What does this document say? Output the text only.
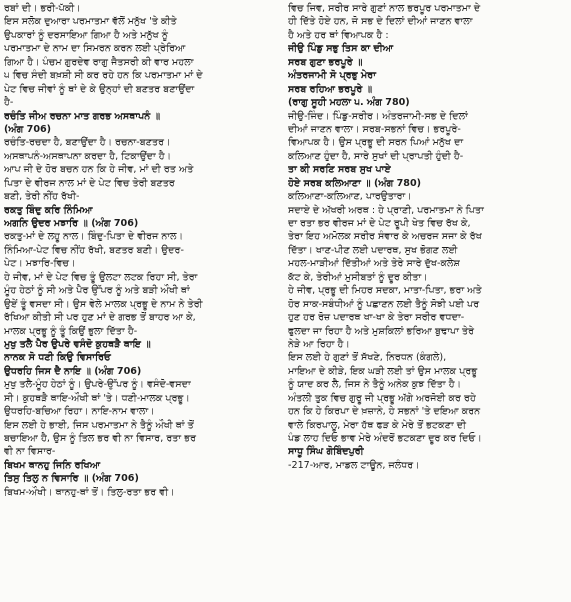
ਰਬਾਂ ਦੀ। ਭਰੀ-ਪੱਕੀ।
ਇਸ ਸਲੋਕ ਦੁਆਰਾ ਪਰਮਾਤਮਾ ਵੱਲੋਂ ਮਨੁੱਖ 'ਤੇ ਕੀਤੇ
ਉਪਕਾਰਾਂ ਨੂੰ ਦਰਸਾਇਆ ਗਿਆ ਹੈ ਅਤੇ ਮਨੁੱਖ ਨੂੰ
ਪਰਮਾਤਮਾ ਦੇ ਨਾਮ ਦਾ ਸਿਮਰਨ ਕਰਨ ਲਈ ਪ੍ਰੇਰਿਆ
ਗਿਆ ਹੈ। ਪੰਚਮ ਗੁਰਦੇਵ ਰਾਗੁ ਜੈਤਸਰੀ ਕੀ ਵਾਰ ਮਹਲਾ
੫ ਵਿਚ ਸੰਦੀ ਬਖ਼ਸ਼ੀ ਸੀ ਕਰ ਰਹੇ ਹਨ ਕਿ ਪਰਮਾਤਮਾ ਮਾਂ ਦੇ
ਪੇਟ ਵਿਚ ਜੀਵਾਂ ਨੂੰ ਥਾਂ ਦੇ ਕੇ ਉਨ੍ਹਾਂ ਦੀ ਬਣਤਰ ਬਣਾਉਂਦਾ
ਹੈ-
ਰਚੰਤਿ ਜੀਅ ਰਚਨਾ ਮਾਤ ਗਰਭ ਅਸਥਾਪਨੰ ॥
(ਅੰਗ 706)
ਰਚੰਤਿ-ਰਚਦਾ ਹੈ, ਬਣਾਉਂਦਾ ਹੈ। ਰਚਨਾ-ਬਣਤਰ।
ਅਸਥਾਪਨੰ-ਅਸਥਾਪਨਾ ਕਰਦਾ ਹੈ, ਟਿਕਾਉਂਦਾ ਹੈ।
ਆਪ ਜੀ ਦੇ ਹੋਰ ਬਚਨ ਹਨ ਕਿ ਹੇ ਜੀਵ, ਮਾਂ ਦੀ ਰਤ ਅਤੇ
ਪਿਤਾ ਦੇ ਵੀਰਜ ਨਾਲ ਮਾਂ ਦੇ ਪੇਟ ਵਿਚ ਤੇਰੀ ਬਣਤਰ
ਬਣੀ, ਤੇਰੀ ਨੀਂਹ ਰੱਖੀ-
ਰਕਤੁ ਬਿੰਦੁ ਕਰਿ ਨਿੰਮਿਆ
ਅਗਨਿ ਉਦਰ ਮਝਾਰਿ ॥ (ਅੰਗ 706)
ਰਕਤੁ-ਮਾਂ ਦੇ ਲਹੂ ਨਾਲ। ਬਿੰਦੁ-ਪਿਤਾ ਦੇ ਵੀਰਜ ਨਾਲ।
ਨਿੰਮਿਆ-ਪੇਟ ਵਿਚ ਨੀਂਹ ਰੱਖੀ, ਬਣਤਰ ਬਣੀ। ਉਦਰ-
ਪੇਟ। ਮਝਾਰਿ-ਵਿਚ।
ਹੇ ਜੀਵ, ਮਾਂ ਦੇ ਪੇਟ ਵਿਚ ਤੂੰ ਉਲਟਾ ਲਟਕ ਰਿਹਾ ਸੀ, ਤੇਰਾ
ਮੂੰਹ ਹੇਠਾਂ ਨੂੰ ਸੀ ਅਤੇ ਪੈਰ ਉੱਪਰ ਨੂੰ ਅਤੇ ਬੜੀ ਔਖੀ ਥਾਂ
ਉਏਂ ਤੂੰ ਵਸਦਾ ਸੀ। ਉਸ ਵੇਲੇ ਮਾਲਕ ਪ੍ਰਭੂ ਦੇ ਨਾਮ ਨੇ ਤੇਰੀ
ਰੱਖਿਆ ਕੀਤੀ ਸੀ ਪਰ ਹੁਣ ਮਾਂ ਦੇ ਗਰਭ ਤੋਂ ਬਾਹਰ ਆ ਕੇ,
ਮਾਲਕ ਪ੍ਰਭੂ ਨੂੰ ਤੂੰ ਕਿਉਂ ਭੁਲਾ ਦਿੱਤਾ ਹੈ-
ਮੁਖੁ ਤਲੈ ਪੈਰ ਉਪਰੇ ਵਸੰਦੋ ਕੁਹਥੜੈ ਥਾਇ ॥
ਨਾਨਕ ਸੋ ਧਣੀ ਕਿਉ ਵਿਸਾਰਿਓ
ਉਧਰਹਿ ਜਿਸ ਦੈ ਨਾਇ ॥ (ਅੰਗ 706)
ਮੁਖੁ ਤਲੈ-ਮੂੰਹ ਹੇਠਾਂ ਨੂੰ। ਉਪਰੇ-ਉੱਪਰ ਨੂੰ। ਵਸੰਦੋ-ਵਸਦਾ
ਸੀ। ਕੁਹਥੜੈ ਥਾਇ-ਔਖੀ ਥਾਂ 'ਤੇ। ਧਣੀ-ਮਾਲਕ ਪ੍ਰਭੂ।
ਉਧਰਹਿ-ਬਚਿਆ ਰਿਹਾ। ਨਾਇ-ਨਾਮ ਵਾਲਾ।
ਇਸ ਲਈ ਹੇ ਭਾਈ, ਜਿਸ ਪਰਮਾਤਮਾ ਨੇ ਤੈਨੂੰ ਔਖੀ ਥਾਂ ਤੋਂ
ਬਚਾਇਆ ਹੈ, ਉਸ ਨੂੰ ਤਿਲ ਭਰ ਵੀ ਨਾ ਵਿਸਾਰ, ਰਤਾ ਭਰ
ਵੀ ਨਾ ਵਿਸਾਰ-
ਬਿਖਮ ਥਾਨਹੁ ਜਿਨਿ ਰਖਿਆ
ਤਿਸੁ ਤਿਲੁ ਨ ਵਿਸਾਰਿ ॥ (ਅੰਗ 706)
ਬਿਖਮ-ਔਖੀ। ਥਾਨਹੁ-ਥਾਂ ਤੋਂ। ਤਿਲੁ-ਰਤਾ ਭਰ ਵੀ।
ਵਿਚ ਜਿਵ, ਸਰੀਰ ਸਾਰੇ ਗੁਣਾਂ ਨਾਲ ਭਰਪੂਰ ਪਰਮਾਤਮਾ ਦੇ
ਹੀ ਦਿੱਤੇ ਹੋਏ ਹਨ, ਜੋ ਸਭ ਦੇ ਦਿਲਾਂ ਦੀਆਂ ਜਾਣਨ ਵਾਲਾ
ਹੈ ਅਤੇ ਹਰ ਥਾਂ ਵਿਆਪਕ ਹੈ :
ਜੀਉ ਪਿੰਡੁ ਸਭੁ ਤਿਸ ਕਾ ਦੀਆ
ਸਰਬ ਗੁਣਾ ਭਰਪੂਰੇ ॥
ਅੰਤਰਜਾਮੀ ਸੋ ਪ੍ਰਭੁ ਮੇਰਾ
ਸਰਬ ਰਹਿਆ ਭਰਪੂਰੇ ॥
(ਰਾਗੁ ਸੂਹੀ ਮਹਲਾ ੫. ਅੰਗ 780)
ਜੀਉ-ਜਿੰਦ। ਪਿੰਡੁ-ਸਰੀਰ। ਅੰਤਰਜਾਮੀ-ਸਭ ਦੇ ਦਿਲਾਂ
ਦੀਆਂ ਜਾਣਨ ਵਾਲਾ। ਸਰਬ-ਸਭਨਾਂ ਵਿਚ। ਭਰਪੂਰੇ-
ਵਿਆਪਕ ਹੈ। ਉਸ ਪ੍ਰਭੂ ਦੀ ਸਰਨ ਪਿਆਂ ਮਨੁੱਖ ਦਾ
ਕਲਿਆਣ ਹੁੰਦਾ ਹੈ, ਸਾਰੇ ਸੁਖਾਂ ਦੀ ਪ੍ਰਾਪਤੀ ਹੁੰਦੀ ਹੈ-
ਤਾ ਕੀ ਸਰਣਿ ਸਰਬ ਸੁਖ ਪਾਏ
ਹੋਏ ਸਰਬ ਕਲਿਆਣਾ ॥ (ਅੰਗ 780)
ਕਲਿਆਣਾ-ਕਲਿਆਣ, ਪਾਰਉਤਾਰਾ।
ਸਦਾਏ ਦੇ ਅੱਖਰੀ ਅਰਥ : ਹੇ ਪ੍ਰਾਣੀ, ਪਰਮਾਤਮਾ ਨੇ ਪਿਤਾ
ਦਾ ਰਤਾ ਭਰ ਵੀਰਜ ਮਾਂ ਦੇ ਪੇਟ ਰੂਪੀ ਖੇਤ ਵਿਚ ਰੱਖ ਕੇ,
ਤੇਰਾ ਇਹ ਅਮੋਲਕ ਸਰੀਰ ਸੰਵਾਰ ਕੇ ਅਚਰਜ ਸਜਾ ਕੇ ਰੱਖ
ਦਿੱਤਾ। ਖਾਣ-ਪੀਣ ਲਈ ਪਦਾਰਥ, ਸੁਖ ਭੋਗਣ ਲਈ
ਮਹਲ-ਮਾੜੀਆਂ ਦਿੱਤੀਆਂ ਅਤੇ ਤੇਰੇ ਸਾਰੇ ਦੁੱਖ-ਕਲੇਸ਼
ਕੱਟ ਕੇ, ਤੇਰੀਆਂ ਮੁਸੀਬਤਾਂ ਨੂੰ ਦੂਰ ਕੀਤਾ।
ਹੇ ਜੀਵ, ਪ੍ਰਭੂ ਦੀ ਮਿਹਰ ਸਦਕਾ, ਮਾਤਾ-ਪਿਤਾ, ਭਰਾ ਅਤੇ
ਹੋਰ ਸਾਕ-ਸਬੰਧੀਆਂ ਨੂੰ ਪਛਾਣਨ ਲਈ ਤੈਨੂੰ ਸੋਝੀ ਪਈ ਪਰ
ਹੁਣ ਹਰ ਰੋਜ਼ ਪਦਾਰਥ ਖਾ-ਖਾ ਕੇ ਤੇਰਾ ਸਰੀਰ ਵਧਦਾ-
ਫੁਲਦਾ ਜਾ ਰਿਹਾ ਹੈ ਅਤੇ ਮੁਸ਼ਕਿਲਾਂ ਭਰਿਆ ਬੁਢਾਪਾ ਤੇਰੇ
ਨੇੜੇ ਆ ਰਿਹਾ ਹੈ।
ਇਸ ਲਈ ਹੇ ਗੁਣਾਂ ਤੋਂ ਸੱਖਣੇ, ਨਿਰਧਨ (ਕੰਗਲੇ),
ਮਾਇਆ ਦੇ ਕੀੜੇ, ਇਕ ਘੜੀ ਲਈ ਤਾਂ ਉਸ ਮਾਲਕ ਪ੍ਰਭੂ
ਨੂੰ ਯਾਦ ਕਰ ਲੈ, ਜਿਸ ਨੇ ਤੈਨੂੰ ਅਨੇਕ ਕੁਝ ਦਿੱਤਾ ਹੈ।
ਅੰਤਲੀ ਤੁਕ ਵਿਚ ਗੁਰੂ ਜੀ ਪ੍ਰਭੂ ਅੱਗੇ ਅਰਜੋਈ ਕਰ ਰਹੇ
ਹਨ ਕਿ ਹੇ ਕਿਰਪਾ ਦੇ ਖ਼ਜ਼ਾਨੇ, ਹੇ ਸਭਨਾਂ 'ਤੇ ਦਇਆ ਕਰਨ
ਵਾਲੇ ਕਿਰਪਾਲੂ, ਮੇਰਾ ਹੱਥ ਫੜ ਕੇ ਮੇਰੇ ਤੋਂ ਭਟਕਣਾ ਦੀ
ਪੰਡ ਲਾਹ ਦਿਓ ਭਾਵ ਮੇਰੇ ਅੰਦਰੋਂ ਭਟਕਣਾ ਦੂਰ ਕਰ ਦਿਓ।
ਸਾਧੂ ਸਿੰਘ ਗੋਬਿੰਦਪੁਰੀ
-217-ਆਰ, ਮਾਡਲ ਟਾਊਨ, ਜਲੰਧਰ।
